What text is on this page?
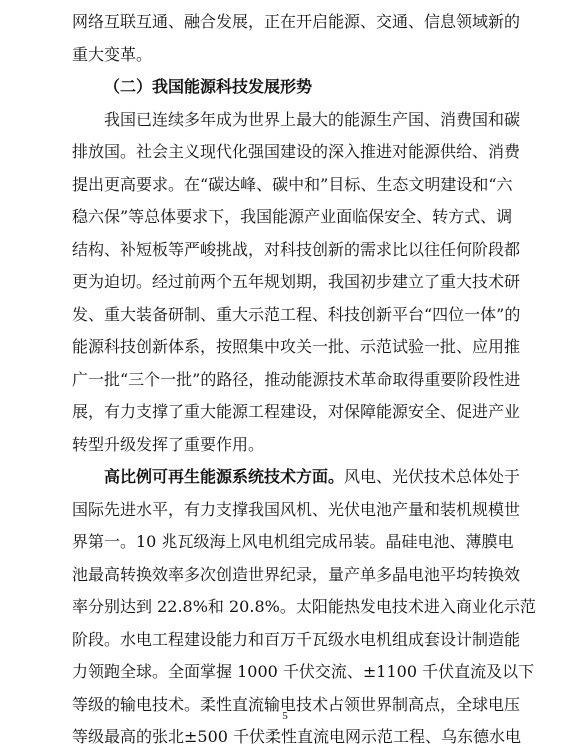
网络互联互通、融合发展，正在开启能源、交通、信息领域新的
重大变革。
（二）我国能源科技发展形势
我国已连续多年成为世界上最大的能源生产国、消费国和碳
排放国。社会主义现代化强国建设的深入推进对能源供给、消费
提出更高要求。在“碳达峰、碳中和”目标、生态文明建设和“六
稳六保”等总体要求下，我国能源产业面临保安全、转方式、调
结构、补短板等严峻挑战，对科技创新的需求比以往任何阶段都
更为迫切。经过前两个五年规划期，我国初步建立了重大技术研
发、重大装备研制、重大示范工程、科技创新平台“四位一体”的
能源科技创新体系，按照集中攻关一批、示范试验一批、应用推
广一批“三个一批”的路径，推动能源技术革命取得重要阶段性进
展，有力支撑了重大能源工程建设，对保障能源安全、促进产业
转型升级发挥了重要作用。
高比例可再生能源系统技术方面。风电、光伏技术总体处于
国际先进水平，有力支撑我国风机、光伏电池产量和装机规模世
界第一。10 兆瓦级海上风电机组完成吊装。晶硅电池、薄膜电
池最高转换效率多次创造世界纪录，量产单多晶电池平均转换效
率分别达到 22.8%和 20.8%。太阳能热发电技术进入商业化示范
阶段。水电工程建设能力和百万千瓦级水电机组成套设计制造能
力领跑全球。全面掌握 1000 千伏交流、±1100 千伏直流及以下
等级的输电技术。柔性直流输电技术占领世界制高点，全球电压
等级最高的张北±500 千伏柔性直流电网示范工程、乌东德水电
5
